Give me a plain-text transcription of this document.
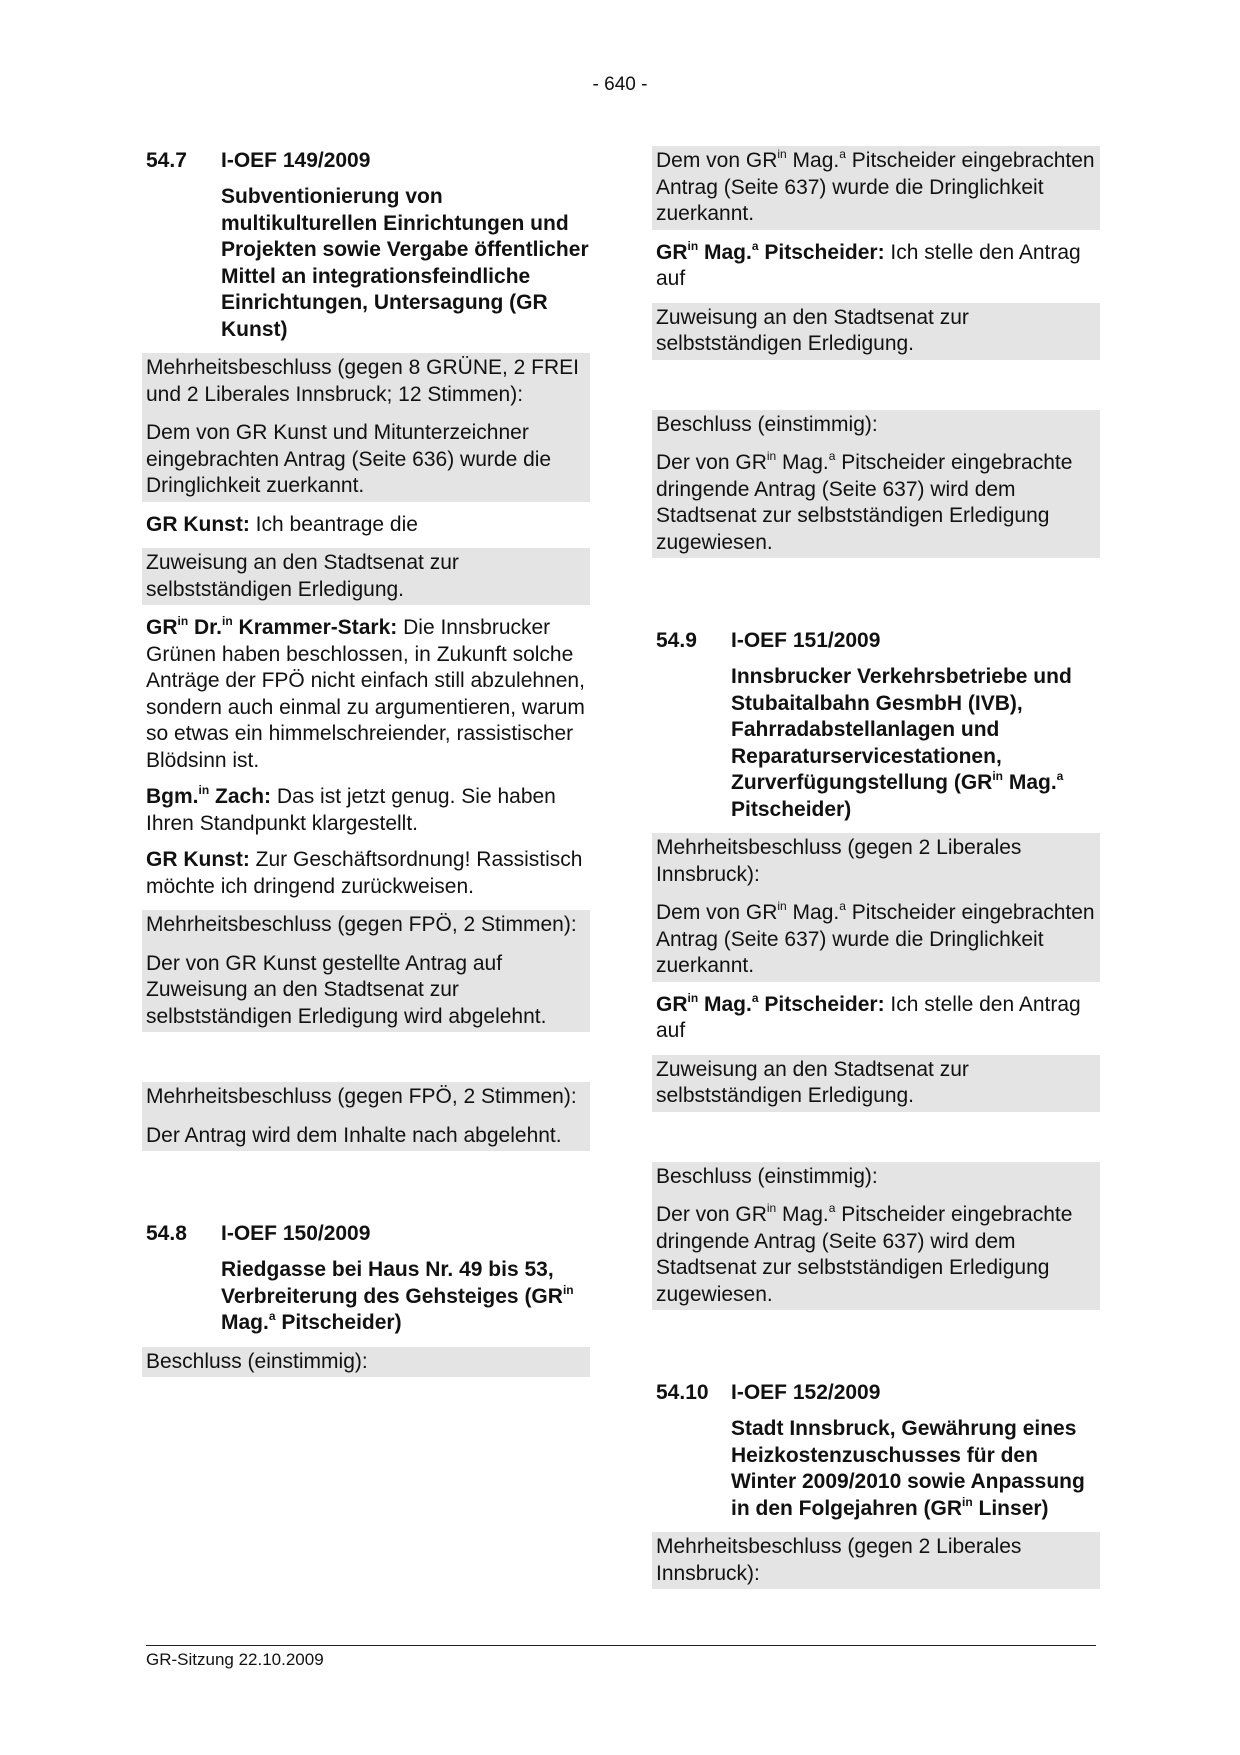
- 640 -
54.7	I-OEF 149/2009
Subventionierung von multikulturellen Einrichtungen und Projekten sowie Vergabe öffentlicher Mittel an integrationsfeindliche Einrichtungen, Untersagung (GR Kunst)

Mehrheitsbeschluss (gegen 8 GRÜNE, 2 FREI und 2 Liberales Innsbruck; 12 Stimmen):

Dem von GR Kunst und Mitunterzeichner eingebrachten Antrag (Seite 636) wurde die Dringlichkeit zuerkannt.

GR Kunst: Ich beantrage die

Zuweisung an den Stadtsenat zur selbstständigen Erledigung.

$GR^{in}$ Dr.$^{in}$ Krammer-Stark: Die Innsbrucker Grünen haben beschlossen, in Zukunft solche Anträge der FPÖ nicht einfach still abzulehnen, sondern auch einmal zu argumentieren, warum so etwas ein himmelschreiender, rassistischer Blödsinn ist.
Bgm.$^{in}$ Zach: Das ist jetzt genug. Sie haben Ihren Standpunkt klargestellt.
GR Kunst: Zur Geschäftsordnung! Rassistisch möchte ich dringend zurückweisen.

Mehrheitsbeschluss (gegen FPÖ, 2 Stimmen):

Der von GR Kunst gestellte Antrag auf Zuweisung an den Stadtsenat zur selbstständigen Erledigung wird abgelehnt.

Mehrheitsbeschluss (gegen FPÖ, 2 Stimmen):

Der Antrag wird dem Inhalte nach abgelehnt.

54.8	I-OEF 150/2009
Riedgasse bei Haus Nr. 49 bis 53, Verbreiterung des Gehsteiges ($GR^{in}$ Mag.$^a$ Pitscheider)

Beschluss (einstimmig):

Dem von $GR^{in}$ Mag.$^a$ Pitscheider eingebrachten Antrag (Seite 637) wurde die Dringlichkeit zuerkannt.

$GR^{in}$ Mag.$^a$ Pitscheider: Ich stelle den Antrag auf

Zuweisung an den Stadtsenat zur selbstständigen Erledigung.

Beschluss (einstimmig):

Der von $GR^{in}$ Mag.$^a$ Pitscheider eingebrachte dringende Antrag (Seite 637) wird dem Stadtsenat zur selbstständigen Erledigung zugewiesen.

54.9	I-OEF 151/2009
Innsbrucker Verkehrsbetriebe und Stubaitalbahn GesmbH (IVB), Fahrradabstellanlagen und Reparaturservicestationen, Zurverfügungstellung ($GR^{in}$ Mag.$^a$ Pitscheider)

Mehrheitsbeschluss (gegen 2 Liberales Innsbruck):

Dem von $GR^{in}$ Mag.$^a$ Pitscheider eingebrachten Antrag (Seite 637) wurde die Dringlichkeit zuerkannt.

$GR^{in}$ Mag.$^a$ Pitscheider: Ich stelle den Antrag auf

Zuweisung an den Stadtsenat zur selbstständigen Erledigung.

Beschluss (einstimmig):

Der von $GR^{in}$ Mag.$^a$ Pitscheider eingebrachte dringende Antrag (Seite 637) wird dem Stadtsenat zur selbstständigen Erledigung zugewiesen.

54.10	I-OEF 152/2009
Stadt Innsbruck, Gewährung eines Heizkostenzuschusses für den Winter 2009/2010 sowie Anpassung in den Folgejahren ($GR^{in}$ Linser)

Mehrheitsbeschluss (gegen 2 Liberales Innsbruck):

GR-Sitzung 22.10.2009
